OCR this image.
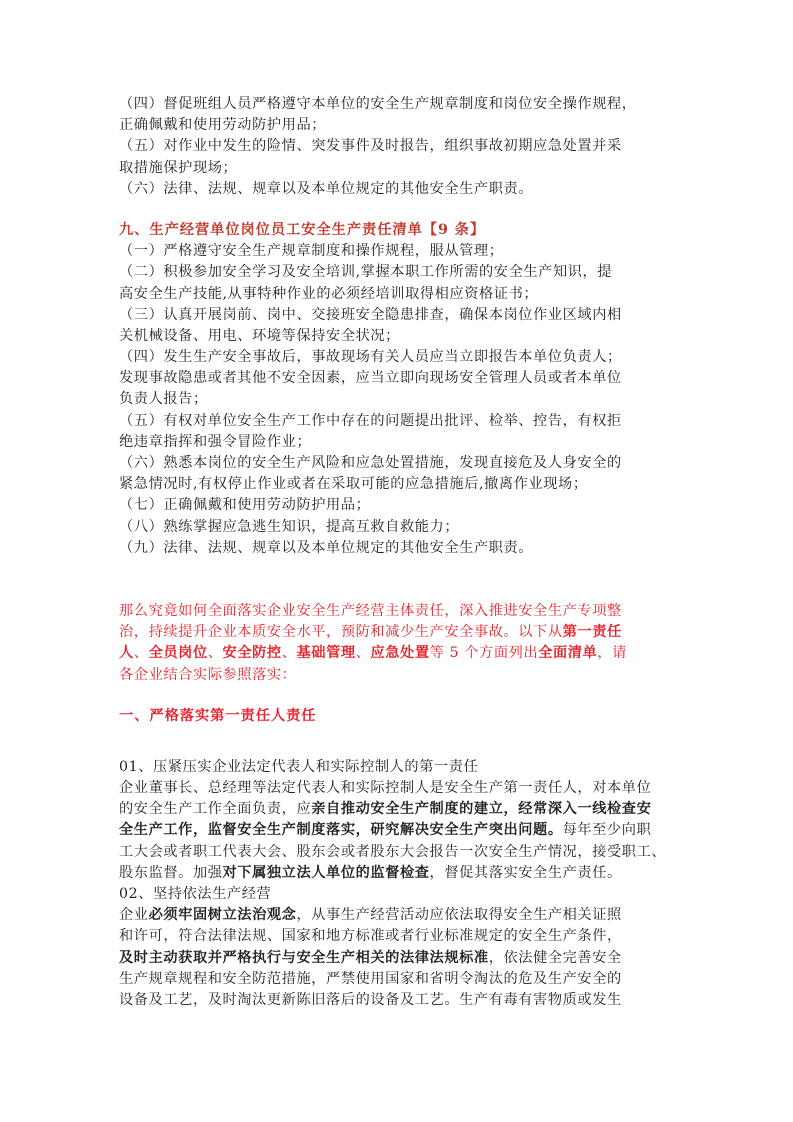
（四）督促班组人员严格遵守本单位的安全生产规章制度和岗位安全操作规程，
正确佩戴和使用劳动防护用品；
（五）对作业中发生的险情、突发事件及时报告，组织事故初期应急处置并采
取措施保护现场；
（六）法律、法规、规章以及本单位规定的其他安全生产职责。
九、生产经营单位岗位员工安全生产责任清单【9 条】
（一）严格遵守安全生产规章制度和操作规程，服从管理；
（二）积极参加安全学习及安全培训,掌握本职工作所需的安全生产知识，提
高安全生产技能,从事特种作业的必须经培训取得相应资格证书；
（三）认真开展岗前、岗中、交接班安全隐患排查，确保本岗位作业区域内相
关机械设备、用电、环境等保持安全状况；
（四）发生生产安全事故后，事故现场有关人员应当立即报告本单位负责人；
发现事故隐患或者其他不安全因素，应当立即向现场安全管理人员或者本单位
负责人报告；
（五）有权对单位安全生产工作中存在的问题提出批评、检举、控告，有权拒
绝违章指挥和强令冒险作业；
（六）熟悉本岗位的安全生产风险和应急处置措施，发现直接危及人身安全的
紧急情况时,有权停止作业或者在采取可能的应急措施后,撤离作业现场；
（七）正确佩戴和使用劳动防护用品；
（八）熟练掌握应急逃生知识，提高互救自救能力；
（九）法律、法规、规章以及本单位规定的其他安全生产职责。
那么究竟如何全面落实企业安全生产经营主体责任，深入推进安全生产专项整
治，持续提升企业本质安全水平，预防和减少生产安全事故。以下从第一责任
人、全员岗位、安全防控、基础管理、应急处置等 5 个方面列出全面清单，请
各企业结合实际参照落实：
一、严格落实第一责任人责任
01、压紧压实企业法定代表人和实际控制人的第一责任
企业董事长、总经理等法定代表人和实际控制人是安全生产第一责任人，对本单位
的安全生产工作全面负责，应亲自推动安全生产制度的建立，经常深入一线检查安
全生产工作，监督安全生产制度落实，研究解决安全生产突出问题。每年至少向职
工大会或者职工代表大会、股东会或者股东大会报告一次安全生产情况，接受职工、
股东监督。加强对下属独立法人单位的监督检查，督促其落实安全生产责任。
02、坚持依法生产经营
企业必须牢固树立法治观念，从事生产经营活动应依法取得安全生产相关证照
和许可，符合法律法规、国家和地方标准或者行业标准规定的安全生产条件，
及时主动获取并严格执行与安全生产相关的法律法规标准，依法健全完善安全
生产规章规程和安全防范措施，严禁使用国家和省明令淘汰的危及生产安全的
设备及工艺，及时淘汰更新陈旧落后的设备及工艺。生产有毒有害物质或发生
